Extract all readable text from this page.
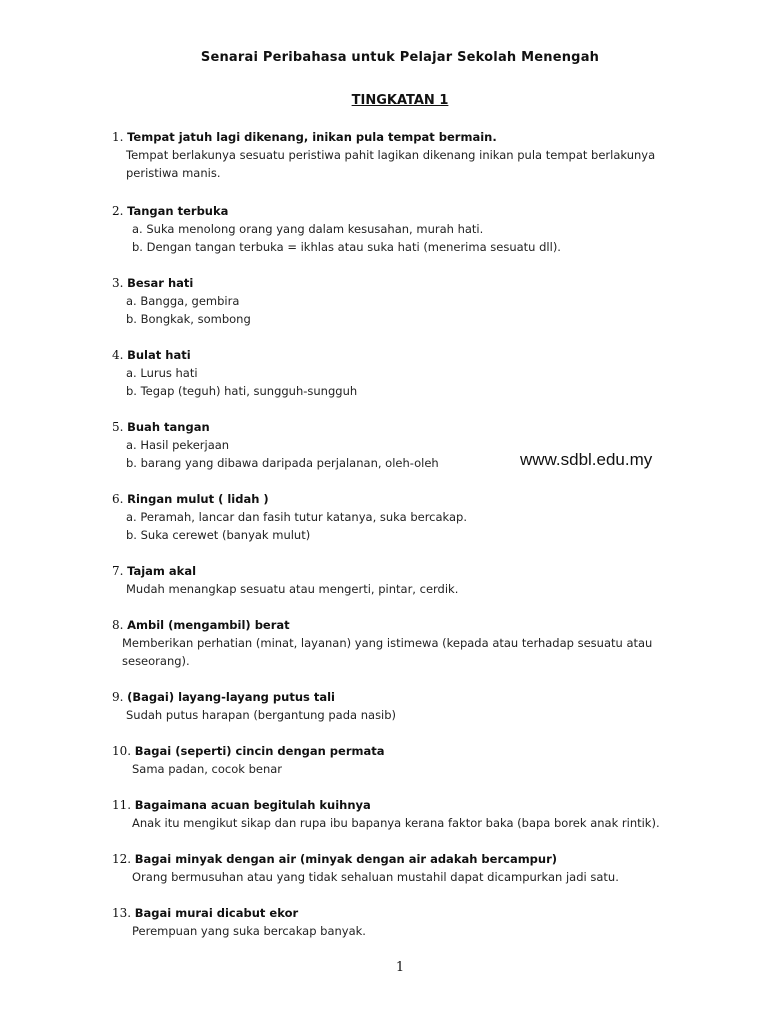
Senarai Peribahasa untuk Pelajar Sekolah Menengah
TINGKATAN 1
1. Tempat jatuh lagi dikenang, inikan pula tempat bermain.
Tempat berlakunya sesuatu peristiwa pahit lagikan dikenang inikan pula tempat berlakunya
peristiwa manis.
2. Tangan terbuka
a. Suka menolong orang yang dalam kesusahan, murah hati.
b. Dengan tangan terbuka = ikhlas atau suka hati (menerima sesuatu dll).
3. Besar hati
a. Bangga, gembira
b. Bongkak, sombong
4. Bulat hati
a. Lurus hati
b. Tegap (teguh) hati, sungguh-sungguh
5. Buah tangan
a. Hasil pekerjaan
b. barang yang dibawa daripada perjalanan, oleh-oleh
6. Ringan mulut ( lidah )
a. Peramah, lancar dan fasih tutur katanya, suka bercakap.
b. Suka cerewet (banyak mulut)
7. Tajam akal
Mudah menangkap sesuatu atau mengerti, pintar, cerdik.
8. Ambil (mengambil) berat
Memberikan perhatian (minat, layanan) yang istimewa (kepada atau terhadap sesuatu atau
seseorang).
9. (Bagai) layang-layang putus tali
Sudah putus harapan (bergantung pada nasib)
10. Bagai (seperti) cincin dengan permata
Sama padan, cocok benar
11. Bagaimana acuan begitulah kuihnya
Anak itu mengikut sikap dan rupa ibu bapanya kerana faktor baka (bapa borek anak rintik).
12. Bagai minyak dengan air (minyak dengan air adakah bercampur)
Orang bermusuhan atau yang tidak sehaluan mustahil dapat dicampurkan jadi satu.
13. Bagai murai dicabut ekor
Perempuan yang suka bercakap banyak.
www.sdbl.edu.my
1
